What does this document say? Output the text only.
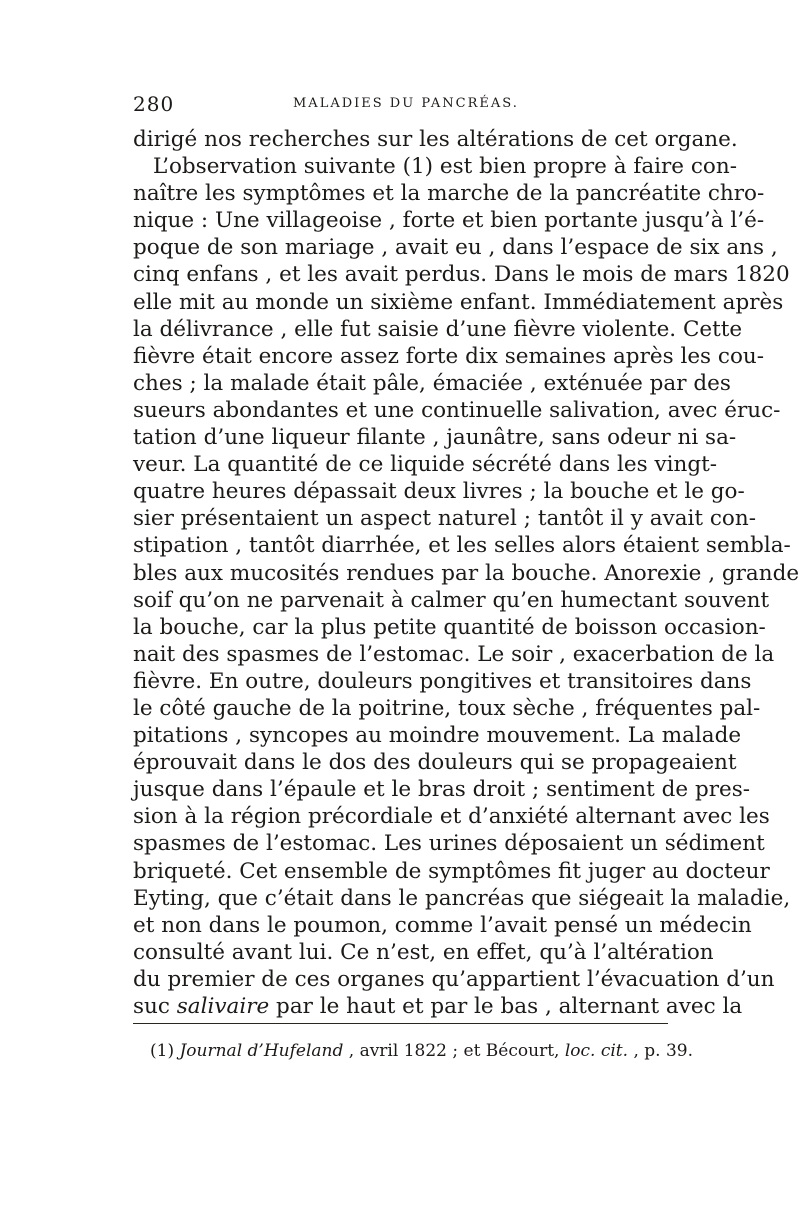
280	MALADIES DU PANCRÉAS.
dirigé nos recherches sur les altérations de cet organe.
L’observation suivante (1) est bien propre à faire con-
naître les symptômes et la marche de la pancréatite chro-
nique : Une villageoise , forte et bien portante jusqu’à l’é-
poque de son mariage , avait eu , dans l’espace de six ans ,
cinq enfans , et les avait perdus. Dans le mois de mars 1820
elle mit au monde un sixième enfant. Immédiatement après
la délivrance , elle fut saisie d’une fièvre violente. Cette
fièvre était encore assez forte dix semaines après les cou-
ches ; la malade était pâle, émaciée , exténuée par des
sueurs abondantes et une continuelle salivation, avec éruc-
tation d’une liqueur filante , jaunâtre, sans odeur ni sa-
veur. La quantité de ce liquide sécrété dans les vingt-
quatre heures dépassait deux livres ; la bouche et le go-
sier présentaient un aspect naturel ; tantôt il y avait con-
stipation , tantôt diarrhée, et les selles alors étaient sembla-
bles aux mucosités rendues par la bouche. Anorexie , grande
soif qu’on ne parvenait à calmer qu’en humectant souvent
la bouche, car la plus petite quantité de boisson occasion-
nait des spasmes de l’estomac. Le soir , exacerbation de la
fièvre. En outre, douleurs pongitives et transitoires dans
le côté gauche de la poitrine, toux sèche , fréquentes pal-
pitations , syncopes au moindre mouvement. La malade
éprouvait dans le dos des douleurs qui se propageaient
jusque dans l’épaule et le bras droit ; sentiment de pres-
sion à la région précordiale et d’anxiété alternant avec les
spasmes de l’estomac. Les urines déposaient un sédiment
briqueté. Cet ensemble de symptômes fit juger au docteur
Eyting, que c’était dans le pancréas que siégeait la maladie,
et non dans le poumon, comme l’avait pensé un médecin
consulté avant lui. Ce n’est, en effet, qu’à l’altération
du premier de ces organes qu’appartient l’évacuation d’un
suc salivaire par le haut et par le bas , alternant avec la
(1) Journal d’Hufeland , avril 1822 ; et Bécourt, loc. cit. , p. 39.
